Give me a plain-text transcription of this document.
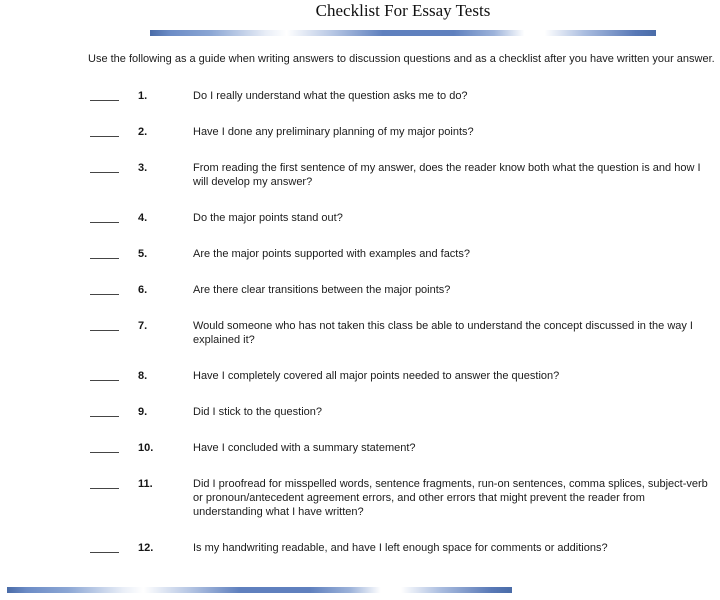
Checklist For Essay Tests
Use the following as a guide when writing answers to discussion questions and as a checklist after you have written your answer.
1.	Do I really understand what the question asks me to do?
2.	Have I done any preliminary planning of my major points?
3.	From reading the first sentence of my answer, does the reader know both what the question is and how I will develop my answer?
4.	Do the major points stand out?
5.	Are the major points supported with examples and facts?
6.	Are there clear transitions between the major points?
7.	Would someone who has not taken this class be able to understand the concept discussed in the way I explained it?
8.	Have I completely covered all major points needed to answer the question?
9.	Did I stick to the question?
10.	Have I concluded with a summary statement?
11.	Did I proofread for misspelled words, sentence fragments, run-on sentences, comma splices, subject-verb or pronoun/antecedent agreement errors, and other errors that might prevent the reader from understanding what I have written?
12.	Is my handwriting readable, and have I left enough space for comments or additions?
